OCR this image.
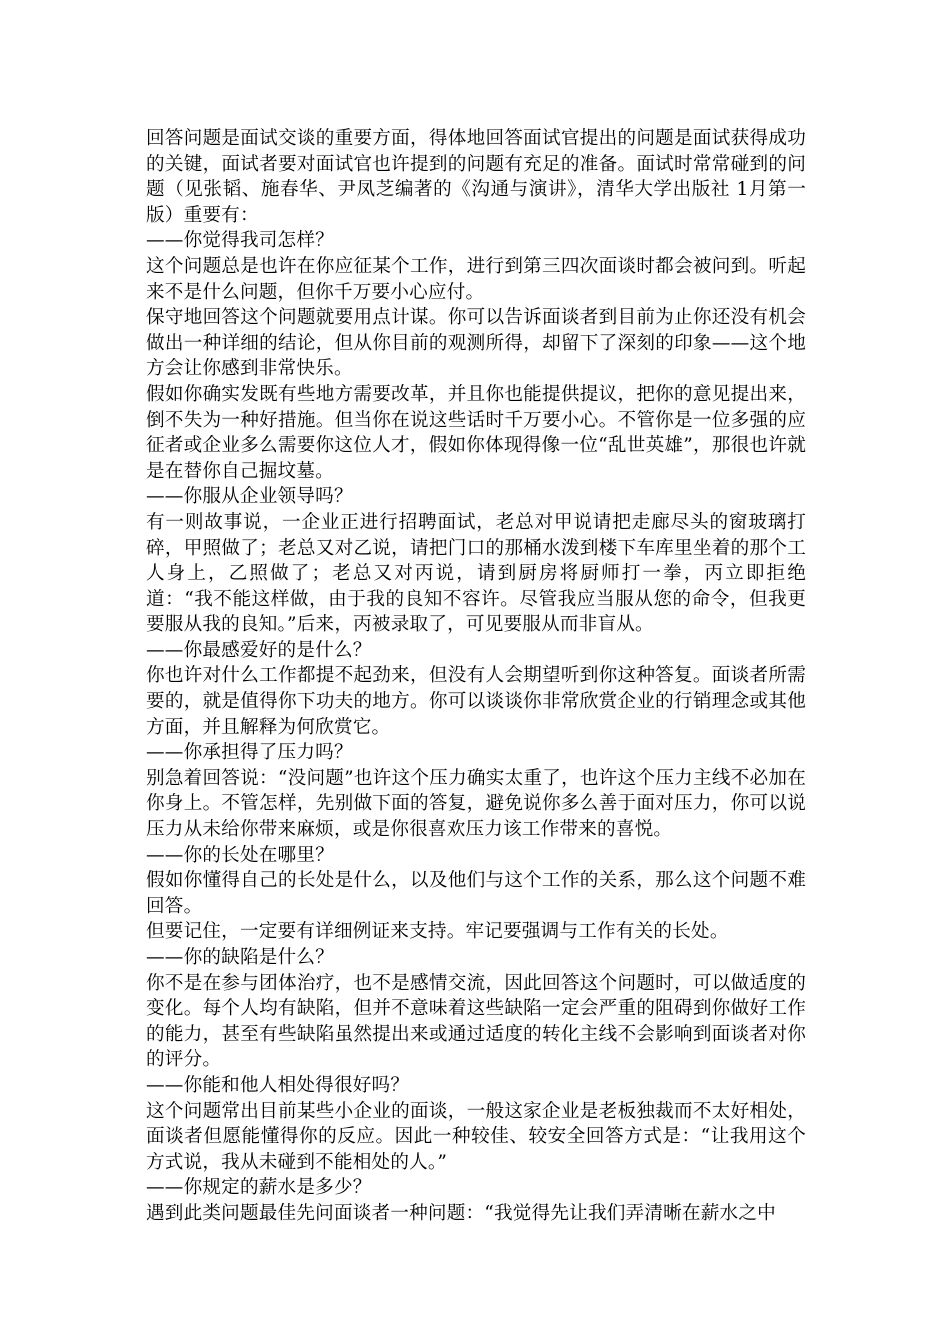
回答问题是面试交谈的重要方面，得体地回答面试官提出的问题是面试获得成功的关键，面试者要对面试官也许提到的问题有充足的准备。面试时常常碰到的问题（见张韬、施春华、尹凤芝编著的《沟通与演讲》，清华大学出版社 1月第一版）重要有：

——你觉得我司怎样？

这个问题总是也许在你应征某个工作，进行到第三四次面谈时都会被问到。听起来不是什么问题，但你千万要小心应付。

保守地回答这个问题就要用点计谋。你可以告诉面谈者到目前为止你还没有机会做出一种详细的结论，但从你目前的观测所得，却留下了深刻的印象——这个地方会让你感到非常快乐。

假如你确实发既有些地方需要改革，并且你也能提供提议，把你的意见提出来，倒不失为一种好措施。但当你在说这些话时千万要小心。不管你是一位多强的应征者或企业多么需要你这位人才，假如你体现得像一位“乱世英雄”，那很也许就是在替你自己掘坟墓。

——你服从企业领导吗？

有一则故事说，一企业正进行招聘面试，老总对甲说请把走廊尽头的窗玻璃打碎，甲照做了；老总又对乙说，请把门口的那桶水泼到楼下车库里坐着的那个工人身上，乙照做了；老总又对丙说，请到厨房将厨师打一拳，丙立即拒绝道：“我不能这样做，由于我的良知不容许。尽管我应当服从您的命令，但我更要服从我的良知。”后来，丙被录取了，可见要服从而非盲从。

——你最感爱好的是什么？

你也许对什么工作都提不起劲来，但没有人会期望听到你这种答复。面谈者所需要的，就是值得你下功夫的地方。你可以谈谈你非常欣赏企业的行销理念或其他方面，并且解释为何欣赏它。

——你承担得了压力吗？

别急着回答说：“没问题”也许这个压力确实太重了，也许这个压力主线不必加在你身上。不管怎样，先别做下面的答复，避免说你多么善于面对压力，你可以说压力从未给你带来麻烦，或是你很喜欢压力该工作带来的喜悦。

——你的长处在哪里？

假如你懂得自己的长处是什么，以及他们与这个工作的关系，那么这个问题不难回答。

但要记住，一定要有详细例证来支持。牢记要强调与工作有关的长处。

——你的缺陷是什么？

你不是在参与团体治疗，也不是感情交流，因此回答这个问题时，可以做适度的变化。每个人均有缺陷，但并不意味着这些缺陷一定会严重的阻碍到你做好工作的能力，甚至有些缺陷虽然提出来或通过适度的转化主线不会影响到面谈者对你的评分。

——你能和他人相处得很好吗？

这个问题常出目前某些小企业的面谈，一般这家企业是老板独裁而不太好相处，面谈者但愿能懂得你的反应。因此一种较佳、较安全回答方式是：“让我用这个方式说，我从未碰到不能相处的人。”

——你规定的薪水是多少？

遇到此类问题最佳先问面谈者一种问题：“我觉得先让我们弄清晰在薪水之中
